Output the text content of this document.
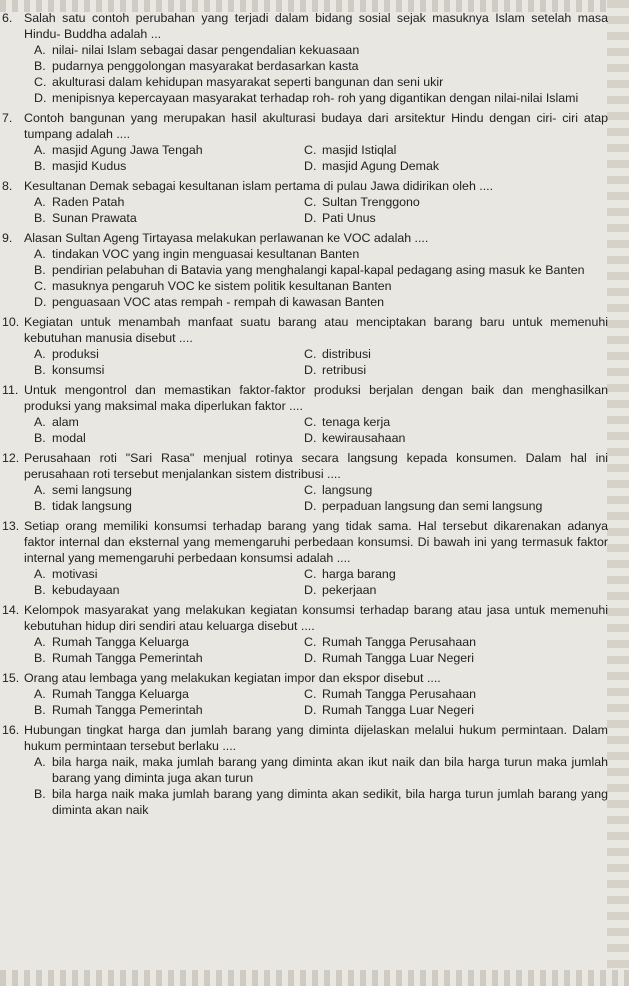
6. Salah satu contoh perubahan yang terjadi dalam bidang sosial sejak masuknya Islam setelah masa Hindu- Buddha adalah ...
A. nilai- nilai Islam sebagai dasar pengendalian kekuasaan
B. pudarnya penggolongan masyarakat berdasarkan kasta
C. akulturasi dalam kehidupan masyarakat seperti bangunan dan seni ukir
D. menipisnya kepercayaan masyarakat terhadap roh- roh yang digantikan dengan nilai-nilai Islami
7. Contoh bangunan yang merupakan hasil akulturasi budaya dari arsitektur Hindu dengan ciri- ciri atap tumpang adalah ....
A. masjid Agung Jawa Tengah	C. masjid Istiqlal
B. masjid Kudus	D. masjid Agung Demak
8. Kesultanan Demak sebagai kesultanan islam pertama di pulau Jawa didirikan oleh ....
A. Raden Patah	C. Sultan Trenggono
B. Sunan Prawata	D. Pati Unus
9. Alasan Sultan Ageng Tirtayasa melakukan perlawanan ke VOC adalah ....
A. tindakan VOC yang ingin menguasai kesultanan Banten
B. pendirian pelabuhan di Batavia yang menghalangi kapal-kapal pedagang asing masuk ke Banten
C. masuknya pengaruh VOC ke sistem politik kesultanan Banten
D. penguasaan VOC atas rempah - rempah di kawasan Banten
10. Kegiatan untuk menambah manfaat suatu barang atau menciptakan barang baru untuk memenuhi kebutuhan manusia disebut ....
A. produksi	C. distribusi
B. konsumsi	D. retribusi
11. Untuk mengontrol dan memastikan faktor-faktor produksi berjalan dengan baik dan menghasilkan produksi yang maksimal maka diperlukan faktor ....
A. alam	C. tenaga kerja
B. modal	D. kewirausahaan
12. Perusahaan roti "Sari Rasa" menjual rotinya secara langsung kepada konsumen. Dalam hal ini perusahaan roti tersebut menjalankan sistem distribusi ....
A. semi langsung	C. langsung
B. tidak langsung	D. perpaduan langsung dan semi langsung
13. Setiap orang memiliki konsumsi terhadap barang yang tidak sama. Hal tersebut dikarenakan adanya faktor internal dan eksternal yang memengaruhi perbedaan konsumsi. Di bawah ini yang termasuk faktor internal yang memengaruhi perbedaan konsumsi adalah ....
A. motivasi	C. harga barang
B. kebudayaan	D. pekerjaan
14. Kelompok masyarakat yang melakukan kegiatan konsumsi terhadap barang atau jasa untuk memenuhi kebutuhan hidup diri sendiri atau keluarga disebut ....
A. Rumah Tangga Keluarga	C. Rumah Tangga Perusahaan
B. Rumah Tangga Pemerintah	D. Rumah Tangga Luar Negeri
15. Orang atau lembaga yang melakukan kegiatan impor dan ekspor disebut ....
A. Rumah Tangga Keluarga	C. Rumah Tangga Perusahaan
B. Rumah Tangga Pemerintah	D. Rumah Tangga Luar Negeri
16. Hubungan tingkat harga dan jumlah barang yang diminta dijelaskan melalui hukum permintaan. Dalam hukum permintaan tersebut berlaku ....
A. bila harga naik, maka jumlah barang yang diminta akan ikut naik dan bila harga turun maka jumlah barang yang diminta juga akan turun
B. bila harga naik maka jumlah barang yang diminta akan sedikit, bila harga turun jumlah barang yang diminta akan naik
